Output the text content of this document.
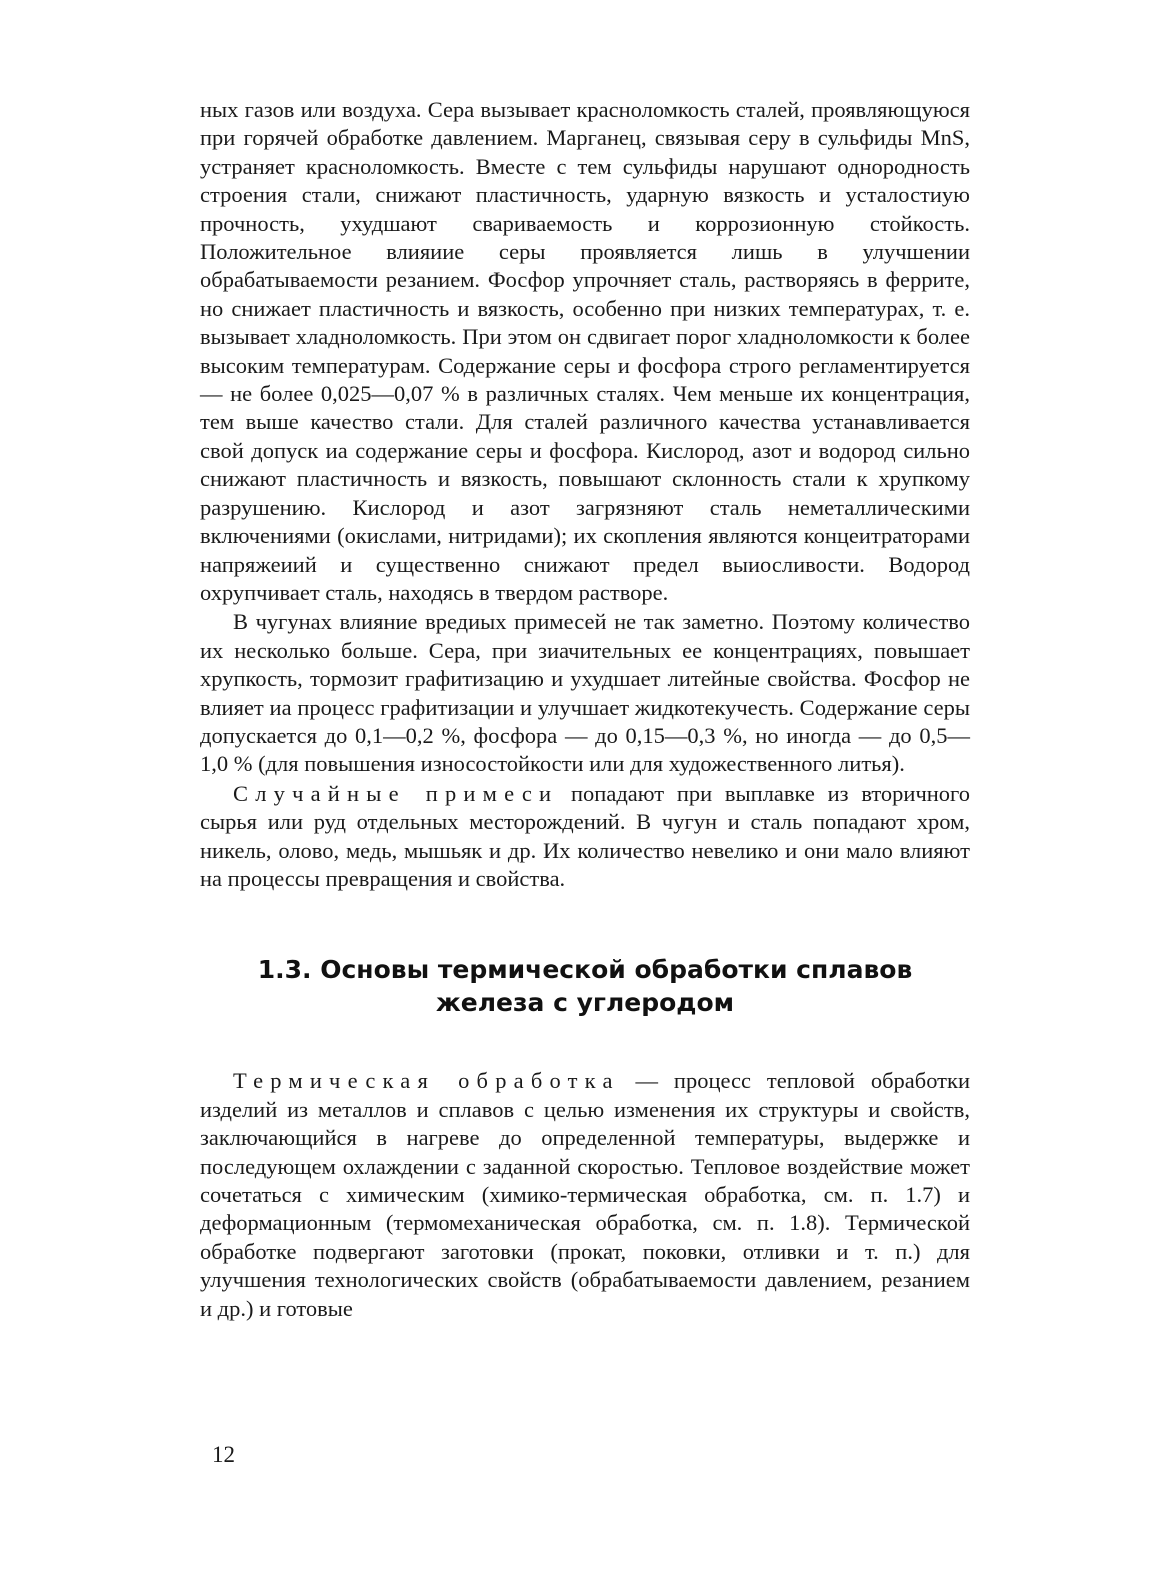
ных газов или воздуха. Сера вызывает красноломкость сталей, проявляющуюся при горячей обработке давлением. Марганец, связывая серу в сульфиды MnS, устраняет красноломкость. Вместе с тем сульфиды нарушают однородность строения стали, снижают пластичность, ударную вязкость и усталостиую прочность, ухудшают свариваемость и коррозионную стойкость. Положительное влияиие серы проявляется лишь в улучшении обрабатываемости резанием. Фосфор упрочняет сталь, растворяясь в феррите, но снижает пластичность и вязкость, особенно при низких температурах, т. е. вызывает хладноломкость. При этом он сдвигает порог хладноломкости к более высоким температурам. Содержание серы и фосфора строго регламентируется — не более 0,025—0,07 % в различных сталях. Чем меньше их концентрация, тем выше качество стали. Для сталей различного качества устанавливается свой допуск иа содержание серы и фосфора. Кислород, азот и водород сильно снижают пластичность и вязкость, повышают склонность стали к хрупкому разрушению. Кислород и азот загрязняют сталь неметаллическими включениями (окислами, нитридами); их скопления являются концеитраторами напряжеиий и существенно снижают предел выиосливости. Водород охрупчивает сталь, находясь в твердом растворе.

В чугунах влияние вредиых примесей не так заметно. Поэтому количество их несколько больше. Сера, при зиачительных ее концентрациях, повышает хрупкость, тормозит графитизацию и ухудшает литейные свойства. Фосфор не влияет иа процесс графитизации и улучшает жидкотекучесть. Содержание серы допускается до 0,1—0,2 %, фосфора — до 0,15—0,3 %, но иногда — до 0,5—1,0 % (для повышения износостойкости или для художественного литья).

Случайные примеси попадают при выплавке из вторичного сырья или руд отдельных месторождений. В чугун и сталь попадают хром, никель, олово, медь, мышьяк и др. Их количество невелико и они мало влияют на процессы превращения и свойства.

1.3. Основы термической обработки сплавов
железа с углеродом

Термическая обработка — процесс тепловой обработки изделий из металлов и сплавов с целью изменения их структуры и свойств, заключающийся в нагреве до определенной температуры, выдержке и последующем охлаждении с заданной скоростью. Тепловое воздействие может сочетаться с химическим (химико-термическая обработка, см. п. 1.7) и деформационным (термомеханическая обработка, см. п. 1.8). Термической обработке подвергают заготовки (прокат, поковки, отливки и т. п.) для улучшения технологических свойств (обрабатываемости давлением, резанием и др.) и готовые

12
